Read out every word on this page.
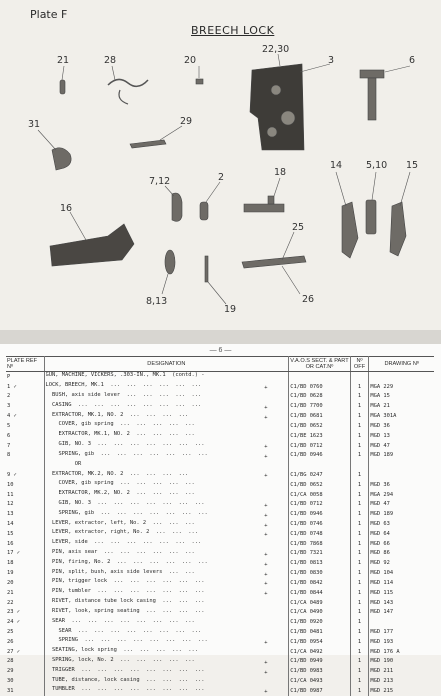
Plate F
BREECH LOCK
21	28	20
22,30
3	6
31	29
7,12	2	18
14	5,10 15
16
25
8,13
19
26
— 6 —
PLATE REF Nº	DESIGNATION	V.A.O.S SECT. & PART OR CAT.Nº	Nº OFF	DRAWING Nº
P	GUN, MACHINE, VICKERS, .303-IN., MK.1  (contd.) -			
1 ✓	LOCK, BREECH, MK.1  ...  ...  ...  ...  ...  ... +	C1/BD 0760	1	MGA 229
2	BUSH, axis side lever  ...  ...  ...  ...  ...	C1/BD 0628	1	MGA 15
3	CASING  ...  ...  ...  ...  ...  ...  ...  ... +	C1/BD 7700	1	MGA 21
4 ✓	EXTRACTOR, MK.1, NO. 2  ...  ...  ...  ... +	C1/BD 0681	1	MGA 301A
5	COVER, gib spring  ...  ...  ...  ...  ...	C1/BD 0652	1	MGD 36
6	EXTRACTOR, MK.1, NO. 2  ...  ...  ...  ...	C1/BE 1623	1	MGD 13
7	GIB, NO. 3  ...  ...  ...  ...  ...  ...  ... +	C1/BD 0712	1	MGD 47
8	SPRING, gib  ...  ...  ...  ...  ...  ...  ... +	C1/BD 0946	1	MGD 189
	OR			
9 ✓	EXTRACTOR, MK.2, NO. 2  ...  ...  ...  ... +	C1/BG 0247	1	
10	COVER, gib spring  ...  ...  ...  ...  ...	C1/BD 0652	1	MGD 36
11	EXTRACTOR, MK.2, NO. 2  ...  ...  ...  ...	C1/CA 0058	1	MGA 294
12	GIB, NO. 3  ...  ...  ...  ...  ...  ...  ... +	C1/BD 0712	1	MGD 47
13	SPRING, gib  ...  ...  ...  ...  ...  ...  ... +	C1/BD 0946	1	MGD 189
14	LEVER, extractor, left, No. 2  ...  ...  ... +	C1/BD 0746	1	MGD 63
15	LEVER, extractor, right, No. 2  ...  ...  ... +	C1/BD 0748	1	MGD 64
16	LEVER, side  ...  ...  ...  ...  ...  ...  ...	C1/BD 7868	1	MGD 66
17 ✓	PIN, axis sear  ...  ...  ...  ...  ...  ... +	C1/BD 7321	1	MGD 86
18	PIN, firing, No. 2  ...  ...  ...  ...  ...  ... +	C1/BD 0813	1	MGD 92
19	PIN, split, bush, axis side levers  ...  ... +	C1/BD 0830	1	MGD 104
20	PIN, trigger lock  ...  ...  ...  ...  ...  ... +	C1/BD 0842	1	MGD 114
21	PIN, tumbler  ...  ...  ...  ...  ...  ...  ... +	C1/BD 0844	1	MGD 115
22	RIVET, distance tube lock casing  ...  ...  ...	C1/CA 0489	1	MGD 143
23 ✓	RIVET, look, spring seating  ...  ...  ...  ...	C1/CA 0490	1	MGD 147
24 ✓	SEAR  ...  ...  ...  ...  ...  ...  ...  ...	C1/BD 0920	1	
25	SEAR  ...  ...  ...  ...  ...  ...  ...  ...	C1/BD 0481	1	MGD 177
26	SPRING  ...  ...  ...  ...  ...  ...  ...  ... +	C1/BD 0954	1	MGD 193
27 ✓	SEATING, lock spring  ...  ...  ...  ...  ...	C1/CA 0492	1	MGD 176 A
28	SPRING, lock, No. 2  ...  ...  ...  ...  ... +	C1/BD 0949	1	MGD 190
29	TRIGGER  ...  ...  ...  ...  ...  ...  ...  ... +	C1/BD 0983	1	MGD 211
30	TUBE, distance, lock casing  ...  ...  ...  ...	C1/CA 0493	1	MGD 213
31	TUMBLER  ...  ...  ...  ...  ...  ...  ...  ... +	C1/BD 0987	1	MGD 215
